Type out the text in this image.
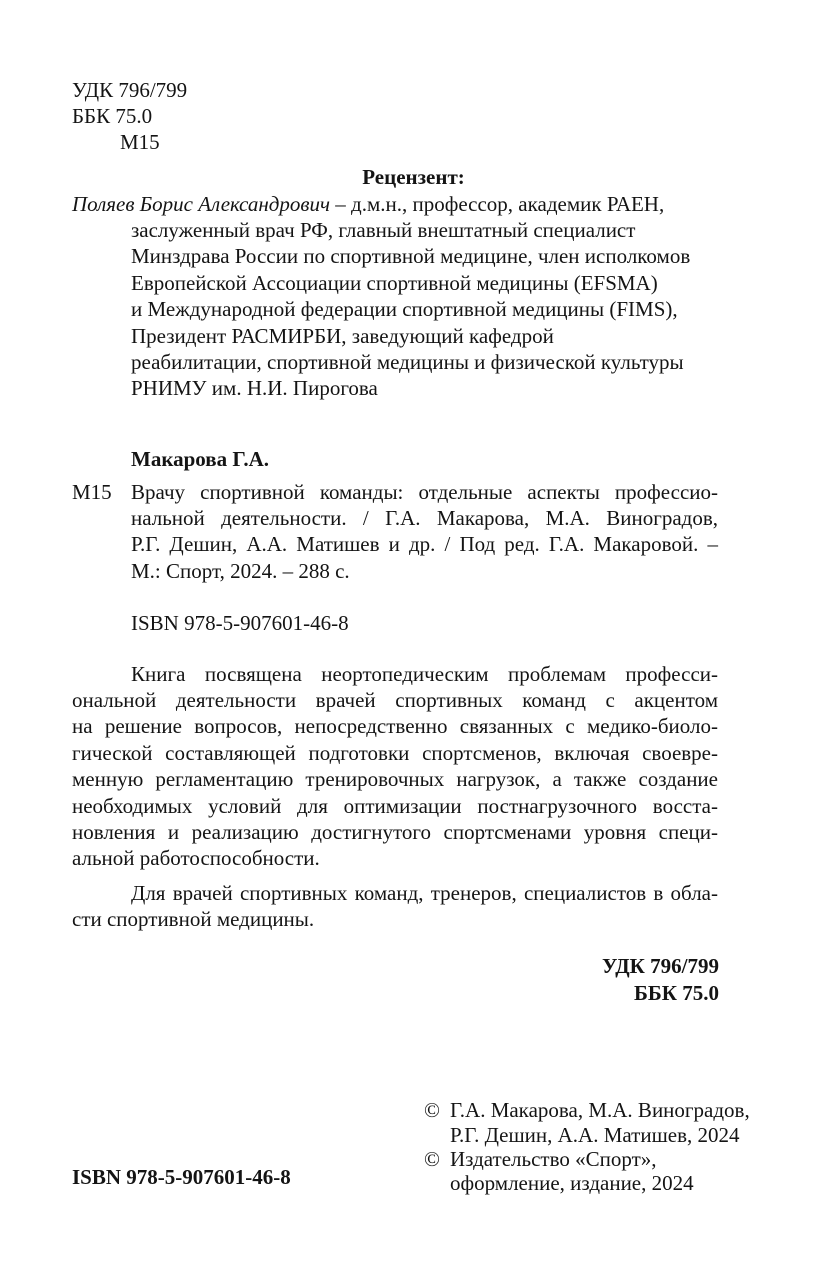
УДК 796/799
ББК 75.0
М15
Рецензент:
Поляев Борис Александрович – д.м.н., профессор, академик РАЕН,
заслуженный врач РФ, главный внештатный специалист
Минздрава России по спортивной медицине, член исполкомов
Европейской Ассоциации спортивной медицины (EFSMA)
и Международной федерации спортивной медицины (FIMS),
Президент РАСМИРБИ, заведующий кафедрой
реабилитации, спортивной медицины и физической культуры
РНИМУ им. Н.И. Пирогова
Макарова Г.А.
М15 Врачу спортивной команды: отдельные аспекты профессио-
нальной деятельности. / Г.А. Макарова, М.А. Виноградов,
Р.Г. Дешин, А.А. Матишев и др. / Под ред. Г.А. Макаровой. –
М.: Спорт, 2024. – 288 с.
ISBN 978-5-907601-46-8
Книга посвящена неортопедическим проблемам професси-
ональной деятельности врачей спортивных команд с акцентом
на решение вопросов, непосредственно связанных с медико-биоло-
гической составляющей подготовки спортсменов, включая своевре-
менную регламентацию тренировочных нагрузок, а также создание
необходимых условий для оптимизации постнагрузочного восста-
новления и реализацию достигнутого спортсменами уровня специ-
альной работоспособности.
Для врачей спортивных команд, тренеров, специалистов в обла-
сти спортивной медицины.
УДК 796/799
ББК 75.0
© Г.А. Макарова, М.А. Виноградов,
Р.Г. Дешин, А.А. Матишев, 2024
© Издательство «Спорт»,
оформление, издание, 2024
ISBN 978-5-907601-46-8
